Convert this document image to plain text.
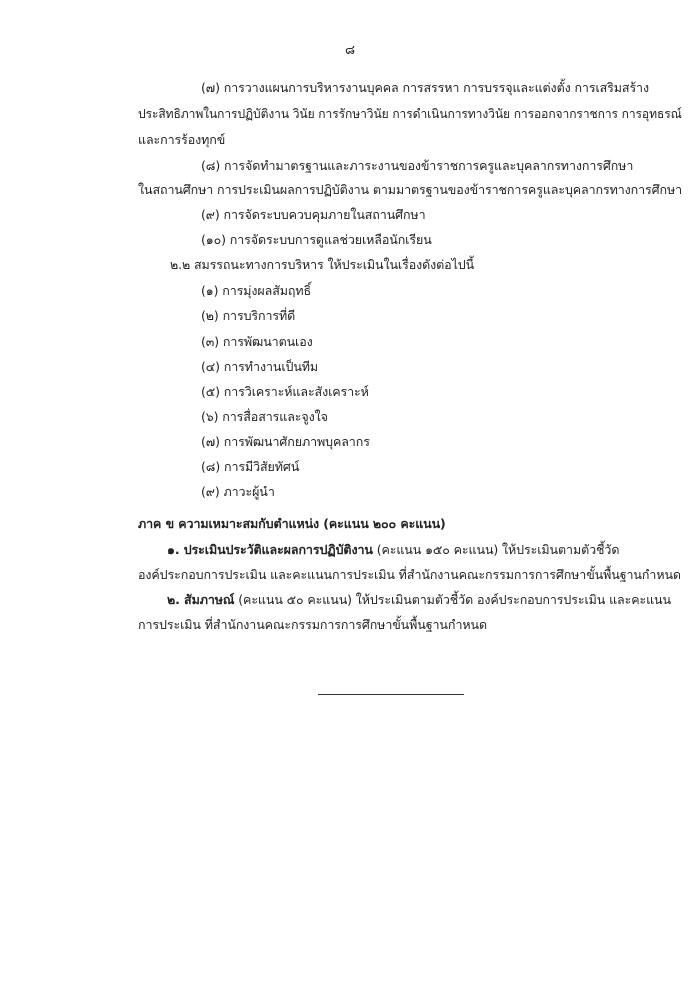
๘
(๗) การวางแผนการบริหารงานบุคคล การสรรหา การบรรจุและแต่งตั้ง การเสริมสร้าง
ประสิทธิภาพในการปฏิบัติงาน วินัย การรักษาวินัย การดำเนินการทางวินัย การออกจากราชการ การอุทธรณ์
และการร้องทุกข์
(๘) การจัดทำมาตรฐานและภาระงานของข้าราชการครูและบุคลากรทางการศึกษา
ในสถานศึกษา การประเมินผลการปฏิบัติงาน ตามมาตรฐานของข้าราชการครูและบุคลากรทางการศึกษา
(๙) การจัดระบบควบคุมภายในสถานศึกษา
(๑๐) การจัดระบบการดูแลช่วยเหลือนักเรียน
๒.๒ สมรรถนะทางการบริหาร ให้ประเมินในเรื่องดังต่อไปนี้
(๑) การมุ่งผลสัมฤทธิ์
(๒) การบริการที่ดี
(๓) การพัฒนาตนเอง
(๔) การทำงานเป็นทีม
(๕) การวิเคราะห์และสังเคราะห์
(๖) การสื่อสารและจูงใจ
(๗) การพัฒนาศักยภาพบุคลากร
(๘) การมีวิสัยทัศน์
(๙) ภาวะผู้นำ
ภาค ข ความเหมาะสมกับตำแหน่ง (คะแนน ๒๐๐ คะแนน)
๑. ประเมินประวัติและผลการปฏิบัติงาน (คะแนน ๑๕๐ คะแนน) ให้ประเมินตามตัวชี้วัด
องค์ประกอบการประเมิน และคะแนนการประเมิน ที่สำนักงานคณะกรรมการการศึกษาขั้นพื้นฐานกำหนด
๒. สัมภาษณ์ (คะแนน ๕๐ คะแนน) ให้ประเมินตามตัวชี้วัด องค์ประกอบการประเมิน และคะแนน
การประเมิน ที่สำนักงานคณะกรรมการการศึกษาขั้นพื้นฐานกำหนด
